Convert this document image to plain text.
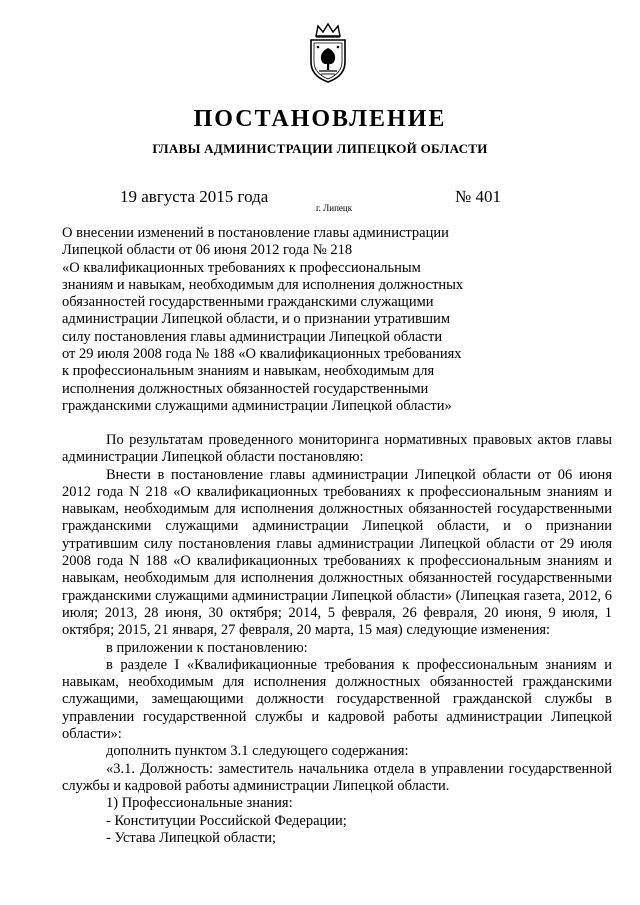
ПОСТАНОВЛЕНИЕ
ГЛАВЫ АДМИНИСТРАЦИИ ЛИПЕЦКОЙ ОБЛАСТИ
19 августа 2015 года
г. Липецк
№ 401
О внесении изменений в постановление главы администрации
Липецкой области от 06 июня 2012 года № 218
«О квалификационных требованиях к профессиональным
знаниям и навыкам, необходимым для исполнения должностных
обязанностей государственными гражданскими служащими
администрации Липецкой области, и о признании утратившим
силу постановления главы администрации Липецкой области
от 29 июля 2008 года № 188 «О квалификационных требованиях
к профессиональным знаниям и навыкам, необходимым для
исполнения должностных обязанностей государственными
гражданскими служащими администрации Липецкой области»

По результатам проведенного мониторинга нормативных правовых актов главы администрации Липецкой области постановляю:

Внести в постановление главы администрации Липецкой области от 06 июня 2012 года N 218 «О квалификационных требованиях к профессиональным знаниям и навыкам, необходимым для исполнения должностных обязанностей государственными гражданскими служащими администрации Липецкой области, и о признании утратившим силу постановления главы администрации Липецкой области от 29 июля 2008 года N 188 «О квалификационных требованиях к профессиональным знаниям и навыкам, необходимым для исполнения должностных обязанностей государственными гражданскими служащими администрации Липецкой области» (Липецкая газета, 2012, 6 июля; 2013, 28 июня, 30 октября; 2014, 5 февраля, 26 февраля, 20 июня, 9 июля, 1 октября; 2015, 21 января, 27 февраля, 20 марта, 15 мая) следующие изменения:

в приложении к постановлению:

в разделе I «Квалификационные требования к профессиональным знаниям и навыкам, необходимым для исполнения должностных обязанностей гражданскими служащими, замещающими должности государственной гражданской службы в управлении государственной службы и кадровой работы администрации Липецкой области»:

дополнить пунктом 3.1 следующего содержания:

«3.1. Должность: заместитель начальника отдела в управлении государственной службы и кадровой работы администрации Липецкой области.

1) Профессиональные знания:

- Конституции Российской Федерации;

- Устава Липецкой области;
